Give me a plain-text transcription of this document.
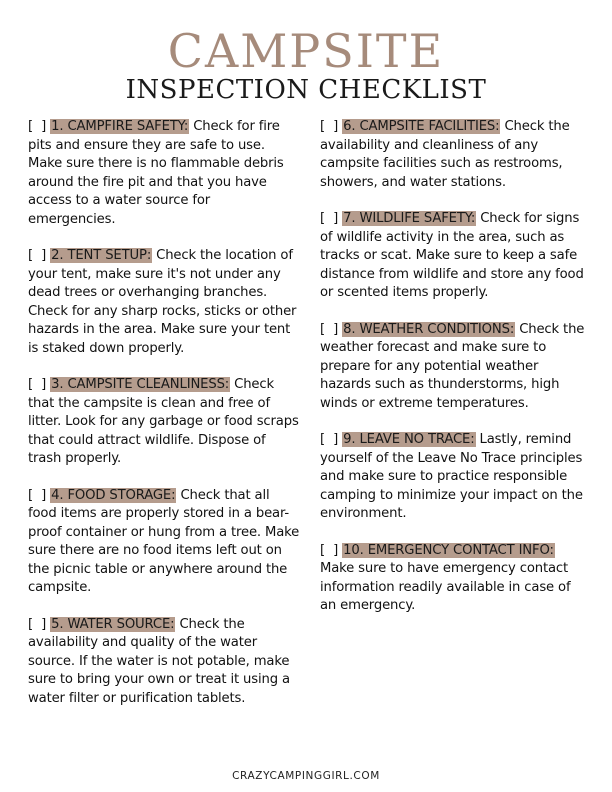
CAMPSITE
INSPECTION CHECKLIST

[  ] 1. CAMPFIRE SAFETY: Check for fire pits and ensure they are safe to use. Make sure there is no flammable debris around the fire pit and that you have access to a water source for emergencies.

[  ] 2. TENT SETUP: Check the location of your tent, make sure it's not under any dead trees or overhanging branches. Check for any sharp rocks, sticks or other hazards in the area. Make sure your tent is staked down properly.

[  ] 3. CAMPSITE CLEANLINESS: Check that the campsite is clean and free of litter. Look for any garbage or food scraps that could attract wildlife. Dispose of trash properly.

[  ] 4. FOOD STORAGE: Check that all food items are properly stored in a bear-proof container or hung from a tree. Make sure there are no food items left out on the picnic table or anywhere around the campsite.

[  ] 5. WATER SOURCE: Check the availability and quality of the water source. If the water is not potable, make sure to bring your own or treat it using a water filter or purification tablets.

[  ] 6. CAMPSITE FACILITIES: Check the availability and cleanliness of any campsite facilities such as restrooms, showers, and water stations.

[  ] 7. WILDLIFE SAFETY: Check for signs of wildlife activity in the area, such as tracks or scat. Make sure to keep a safe distance from wildlife and store any food or scented items properly.

[  ] 8. WEATHER CONDITIONS: Check the weather forecast and make sure to prepare for any potential weather hazards such as thunderstorms, high winds or extreme temperatures.

[  ] 9. LEAVE NO TRACE: Lastly, remind yourself of the Leave No Trace principles and make sure to practice responsible camping to minimize your impact on the environment.

[  ] 10. EMERGENCY CONTACT INFO: Make sure to have emergency contact information readily available in case of an emergency.

CRAZYCAMPINGGIRL.COM
